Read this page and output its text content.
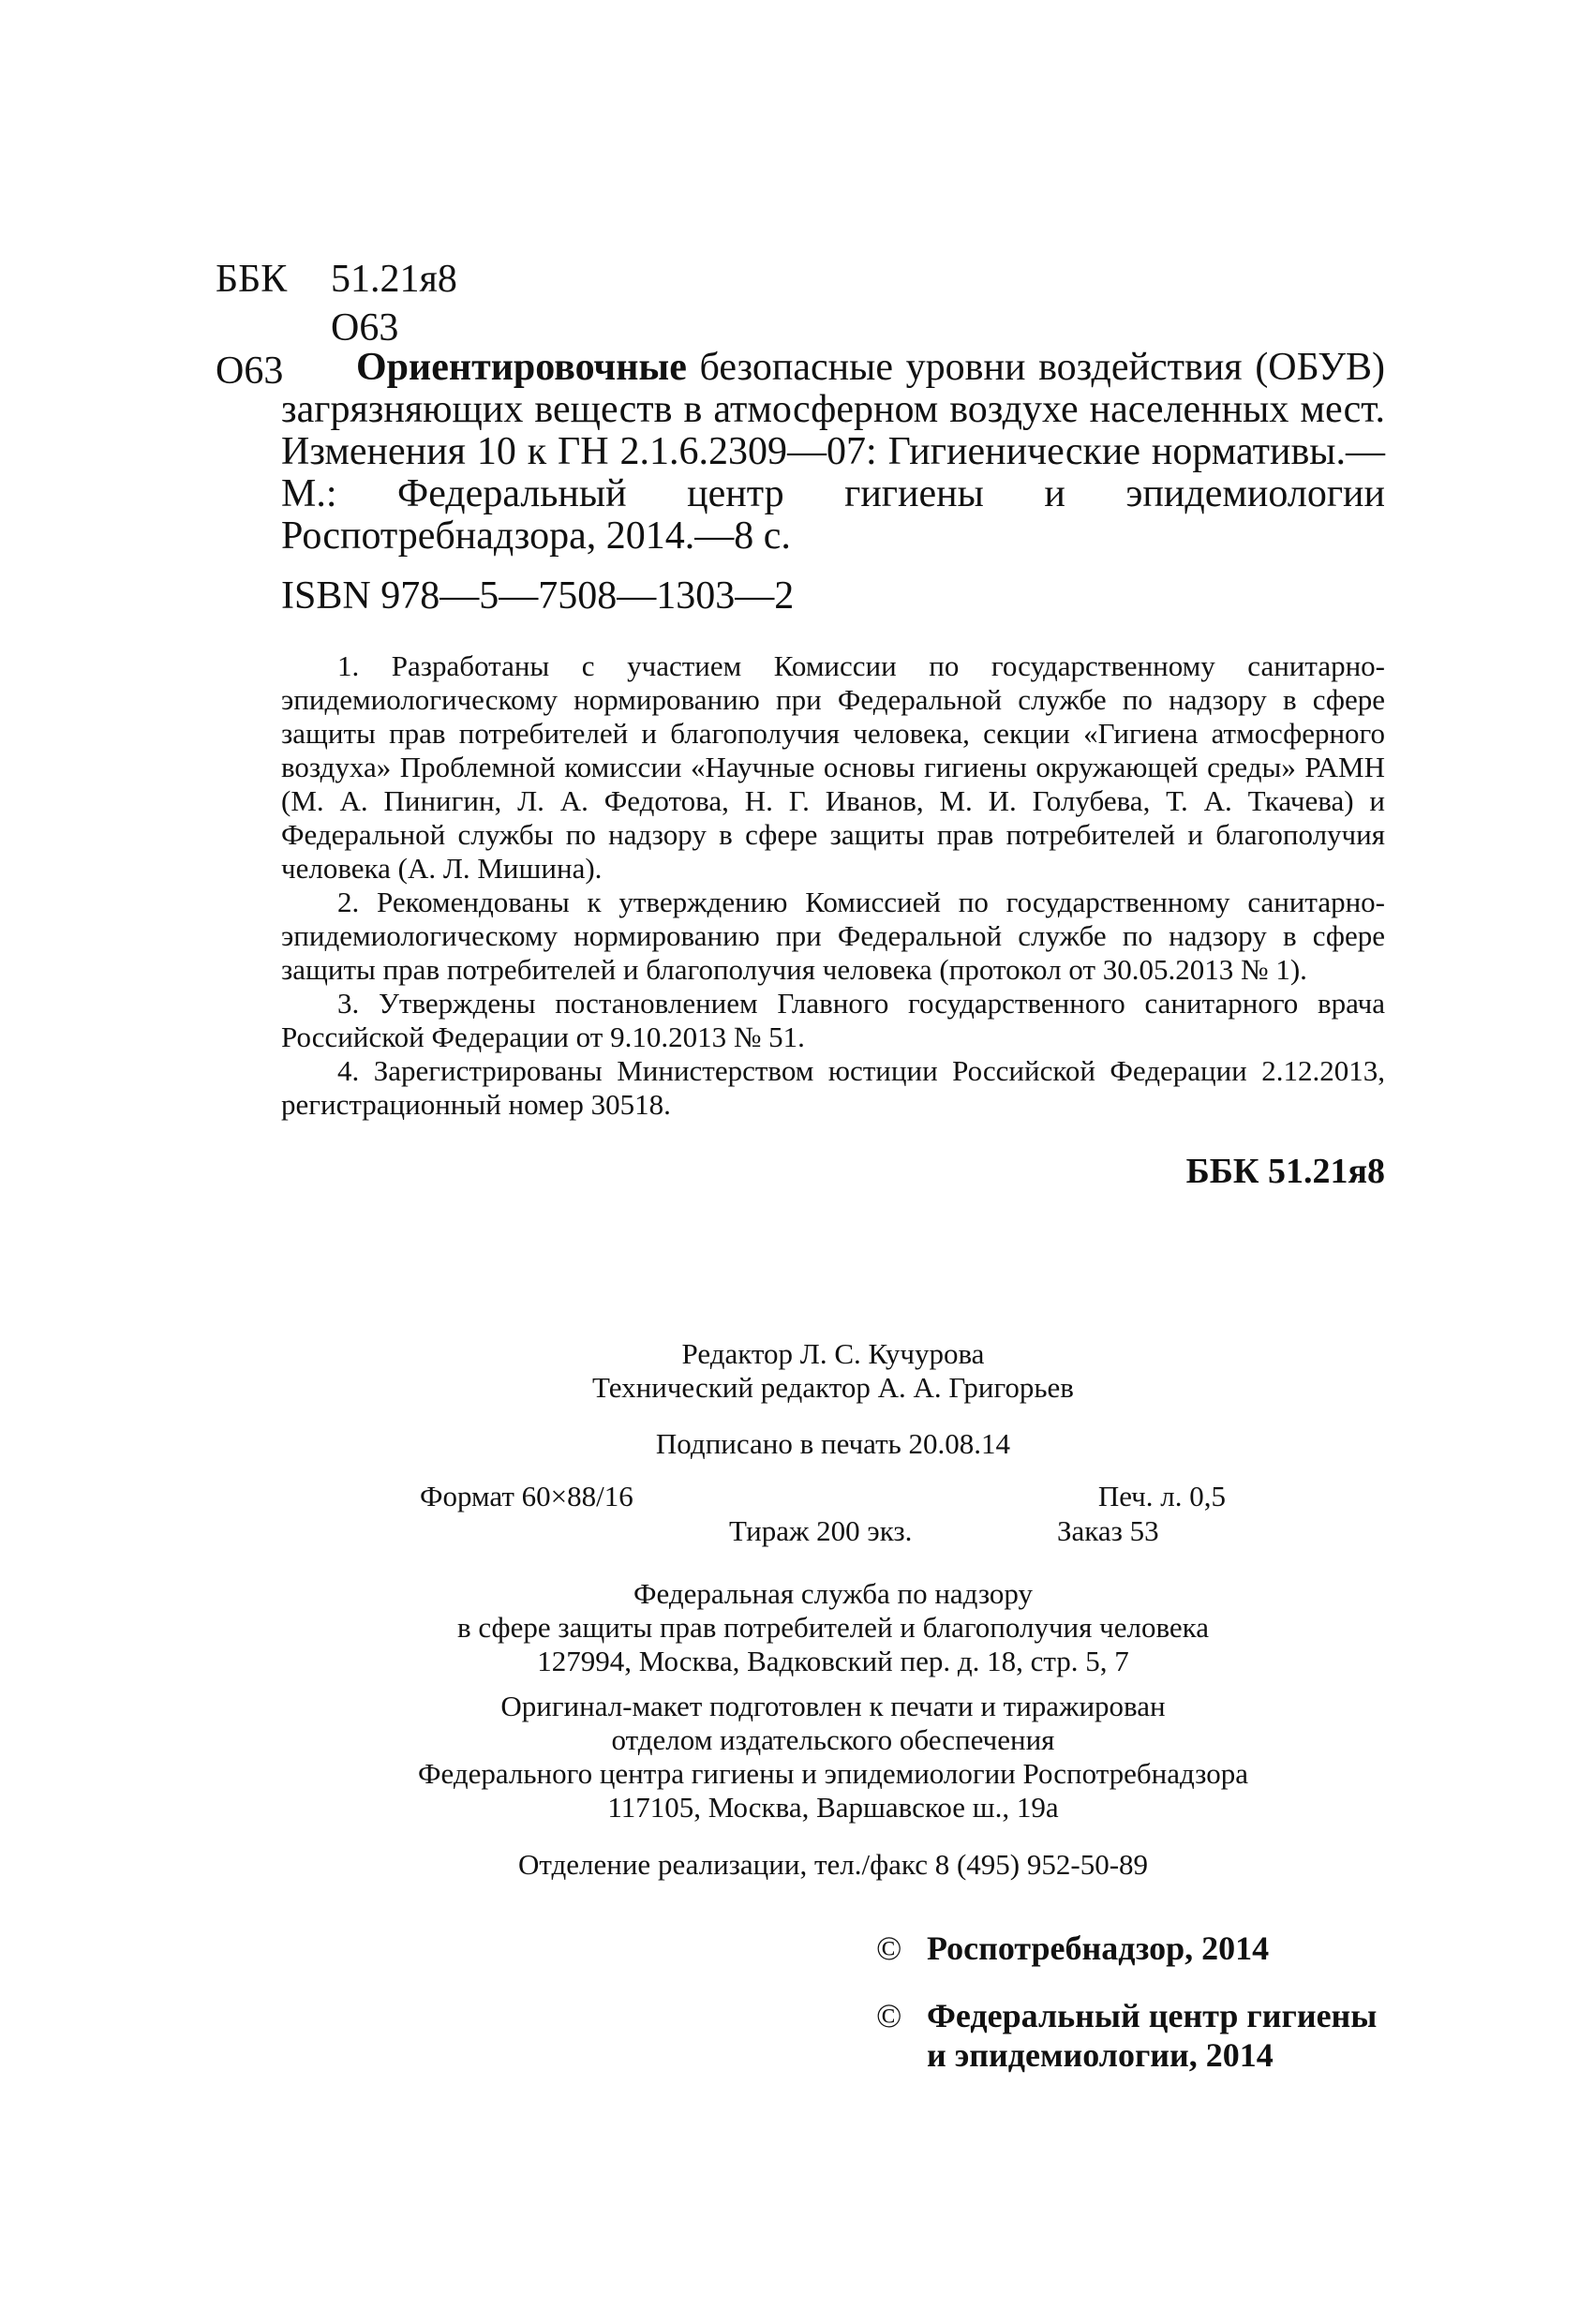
ББК	51.21я8
О63
О63	Ориентировочные безопасные уровни воздействия (ОБУВ) загрязняющих веществ в атмосферном воздухе населенных мест. Изменения 10 к ГН 2.1.6.2309—07: Гигиенические нормативы.—М.: Федеральный центр гигиены и эпидемиологии Роспотребнадзора, 2014.—8 с.
ISBN 978—5—7508—1303—2

1. Разработаны с участием Комиссии по государственному санитарно-эпидемиологическому нормированию при Федеральной службе по надзору в сфере защиты прав потребителей и благополучия человека, секции «Гигиена атмосферного воздуха» Проблемной комиссии «Научные основы гигиены окружающей среды» РАМН (М. А. Пинигин, Л. А. Федотова, Н. Г. Иванов, М. И. Голубева, Т. А. Ткачева) и Федеральной службы по надзору в сфере защиты прав потребителей и благополучия человека (А. Л. Мишина).

2. Рекомендованы к утверждению Комиссией по государственному санитарно-эпидемиологическому нормированию при Федеральной службе по надзору в сфере защиты прав потребителей и благополучия человека (протокол от 30.05.2013 № 1).

3. Утверждены постановлением Главного государственного санитарного врача Российской Федерации от 9.10.2013 № 51.

4. Зарегистрированы Министерством юстиции Российской Федерации 2.12.2013, регистрационный номер 30518.

ББК 51.21я8

Редактор Л. С. Кучурова

Технический редактор А. А. Григорьев

Подписано в печать 20.08.14

Формат 60×88/16	Печ. л. 0,5
Тираж 200 экз.	Заказ 53

Федеральная служба по надзору

в сфере защиты прав потребителей и благополучия человека

127994, Москва, Вадковский пер. д. 18, стр. 5, 7

Оригинал-макет подготовлен к печати и тиражирован

отделом издательского обеспечения

Федерального центра гигиены и эпидемиологии Роспотребнадзора

117105, Москва, Варшавское ш., 19а

Отделение реализации, тел./факс 8 (495) 952-50-89

© Роспотребнадзор, 2014
© Федеральный центр гигиены
и эпидемиологии, 2014
